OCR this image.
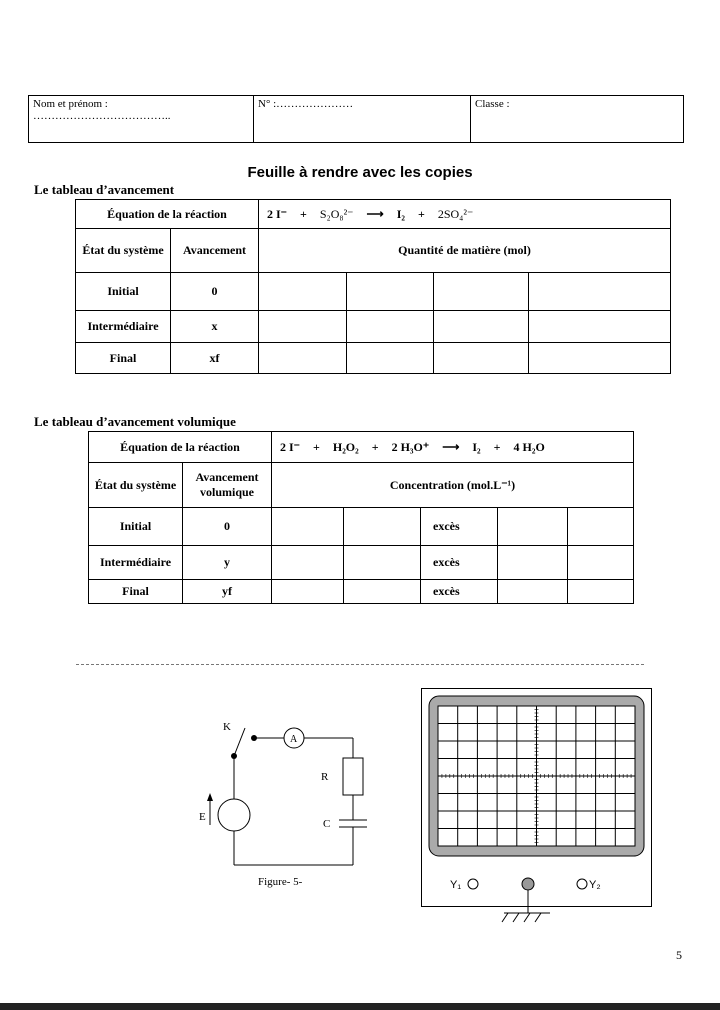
Nom et prénom :
………………………………..
	N° :…………………	Classe :
Feuille à rendre avec les copies
Le tableau d’avancement
Équation de la réaction		2 I⁻ + S₂O₈²⁻ ⟶ I₂ + 2SO₄²⁻			
État du système	Avancement	Quantité de matière (mol)			
Initial	0				
Intermédiaire	x				
Final	xf				
Le tableau d’avancement volumique
Équation de la réaction		2 I⁻ + H₂O₂ + 2 H₃O⁺ ⟶ I₂ + 4 H₂O				
État du système	Avancement volumique	Concentration (mol.L⁻¹)				
Initial	0			excès		
Intermédiaire	y			excès		
Final	yf			excès		
K
A
R
E
C
Figure- 5-	Y₁	Y₂
5
